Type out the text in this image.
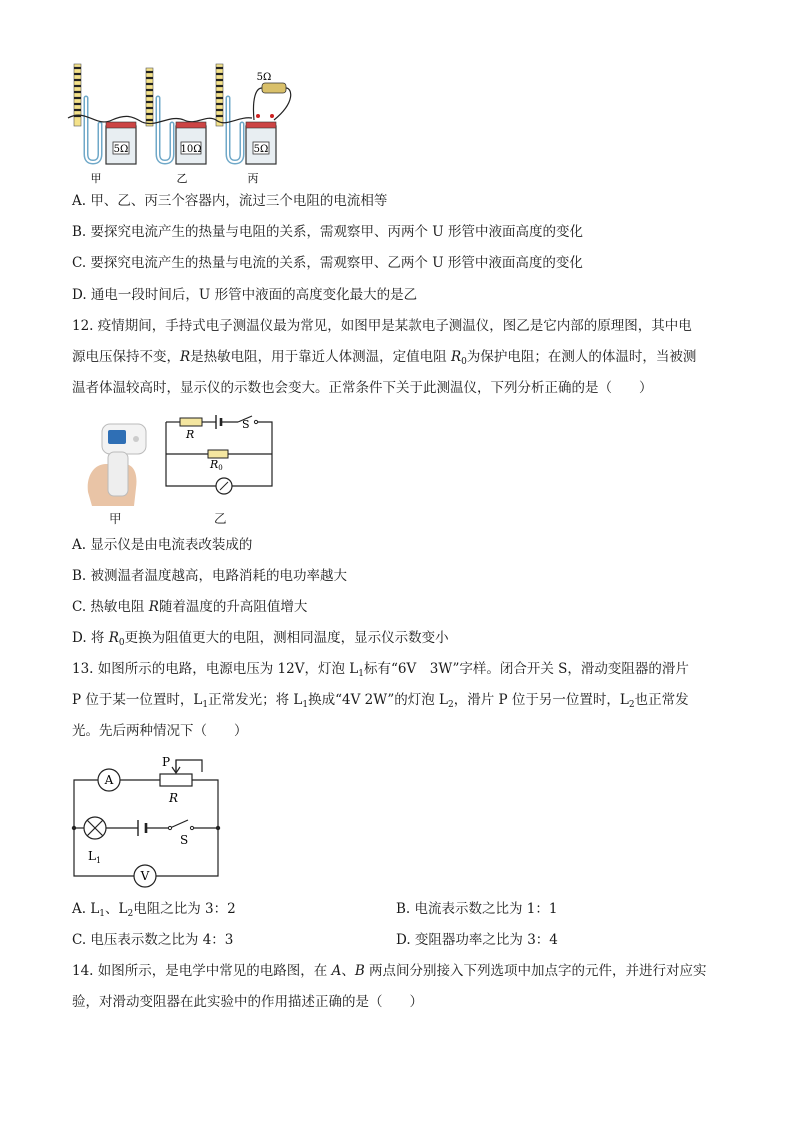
5Ω	10Ω	5Ω
5Ω
甲	乙	丙
A. 甲、乙、丙三个容器内，流过三个电阻的电流相等
B. 要探究电流产生的热量与电阻的关系，需观察甲、丙两个 U 形管中液面高度的变化
C. 要探究电流产生的热量与电流的关系，需观察甲、乙两个 U 形管中液面高度的变化
D. 通电一段时间后，U 形管中液面的高度变化最大的是乙
12. 疫情期间，手持式电子测温仪最为常见，如图甲是某款电子测温仪，图乙是它内部的原理图，其中电
源电压保持不变，R是热敏电阻，用于靠近人体测温，定值电阻 $R_0$为保护电阻；在测人的体温时，当被测
温者体温较高时，显示仪的示数也会变大。正常条件下关于此测温仪，下列分析正确的是（　　）
甲
R
S
R0
乙
A. 显示仪是由电流表改装成的
B. 被测温者温度越高，电路消耗的电功率越大
C. 热敏电阻 R随着温度的升高阻值增大
D. 将 $R_0$更换为阻值更大的电阻，测相同温度，显示仪示数变小
13. 如图所示的电路，电源电压为 12V，灯泡 $L_1$标有“6V　3W”字样。闭合开关 S，滑动变阻器的滑片
P 位于某一位置时，$L_1$正常发光；将 $L_1$换成“4V 2W”的灯泡 $L_2$，滑片 P 位于另一位置时，$L_2$也正常发
光。先后两种情况下（　　）
A
P
R
S
$L_1$
V
A. $L_1$、$L_2$电阻之比为 3：2	B. 电流表示数之比为 1：1
C. 电压表示数之比为 4：3	D. 变阻器功率之比为 3：4
14. 如图所示，是电学中常见的电路图，在 A、B 两点间分别接入下列选项中加点字的元件，并进行对应实
验，对滑动变阻器在此实验中的作用描述正确的是（　　）
